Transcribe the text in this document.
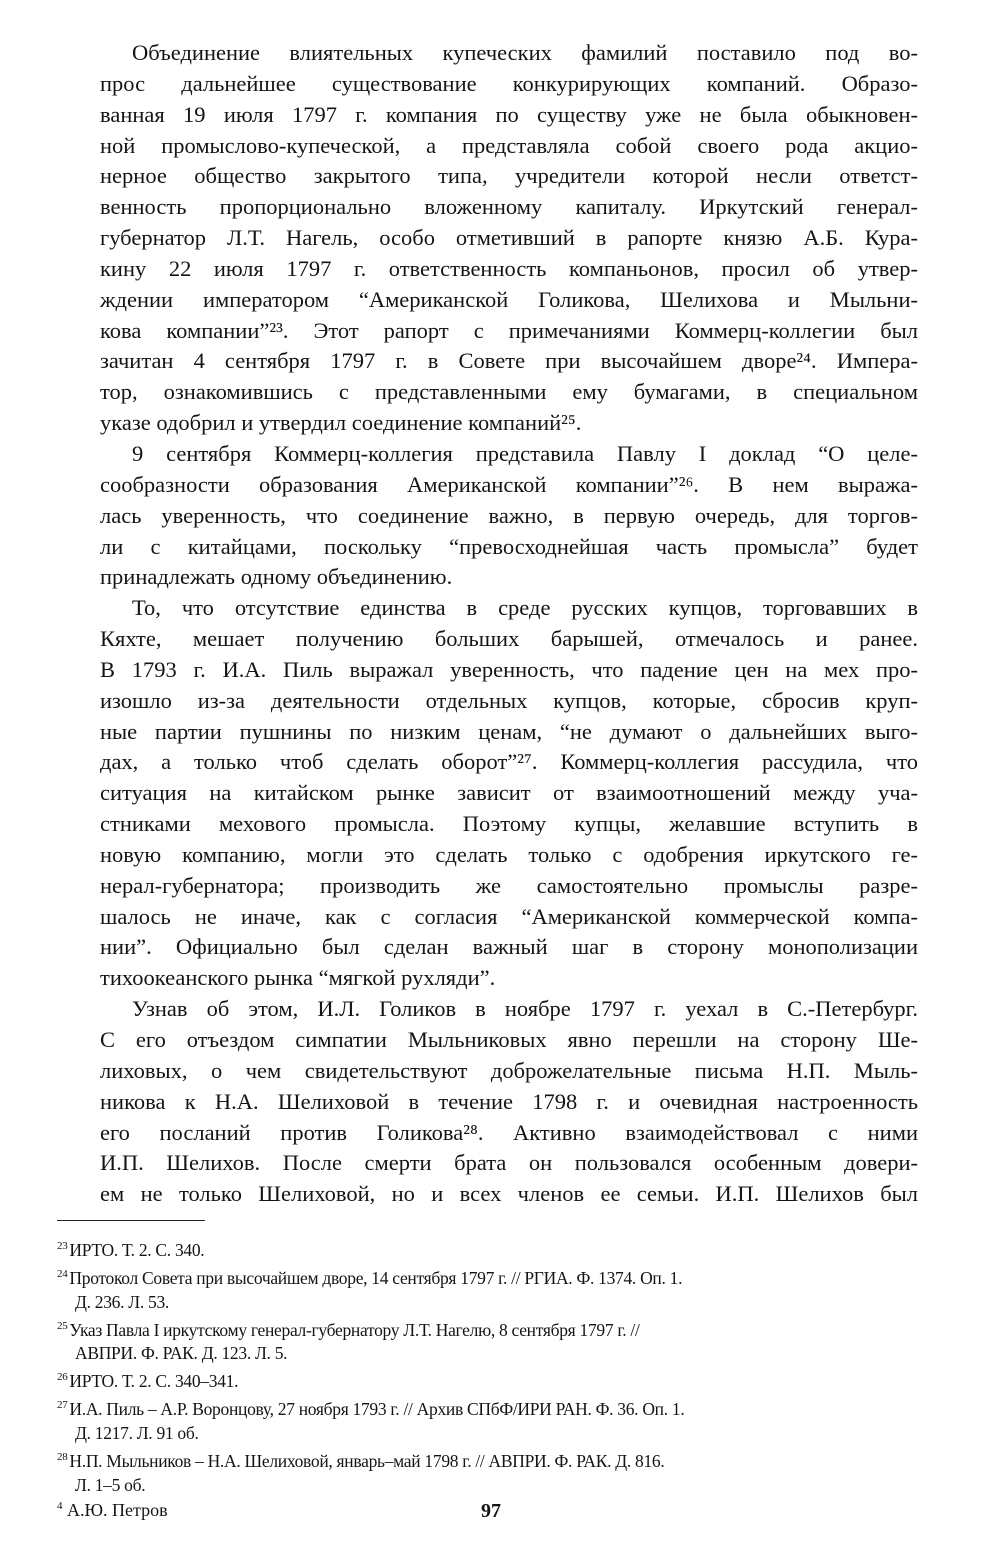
Объединение влиятельных купеческих фамилий поставило под во-
прос дальнейшее существование конкурирующих компаний. Образо-
ванная 19 июля 1797 г. компания по существу уже не была обыкновен-
ной промыслово-купеческой, а представляла собой своего рода акцио-
нерное общество закрытого типа, учредители которой несли ответст-
венность пропорционально вложенному капиталу. Иркутский генерал-
губернатор Л.Т. Нагель, особо отметивший в рапорте князю А.Б. Кура-
кину 22 июля 1797 г. ответственность компаньонов, просил об утвер-
ждении императором “Американской Голикова, Шелихова и Мыльни-
кова компании”²³. Этот рапорт с примечаниями Коммерц-коллегии был
зачитан 4 сентября 1797 г. в Совете при высочайшем дворе²⁴. Импера-
тор, ознакомившись с представленными ему бумагами, в специальном
указе одобрил и утвердил соединение компаний²⁵.
9 сентября Коммерц-коллегия представила Павлу I доклад “О целе-
сообразности образования Американской компании”²⁶. В нем выража-
лась уверенность, что соединение важно, в первую очередь, для торгов-
ли с китайцами, поскольку “превосходнейшая часть промысла” будет
принадлежать одному объединению.
То, что отсутствие единства в среде русских купцов, торговавших в
Кяхте, мешает получению больших барышей, отмечалось и ранее.
В 1793 г. И.А. Пиль выражал уверенность, что падение цен на мех про-
изошло из-за деятельности отдельных купцов, которые, сбросив круп-
ные партии пушнины по низким ценам, “не думают о дальнейших выго-
дах, а только чтоб сделать оборот”²⁷. Коммерц-коллегия рассудила, что
ситуация на китайском рынке зависит от взаимоотношений между уча-
стниками мехового промысла. Поэтому купцы, желавшие вступить в
новую компанию, могли это сделать только с одобрения иркутского ге-
нерал-губернатора; производить же самостоятельно промыслы разре-
шалось не иначе, как с согласия “Американской коммерческой компа-
нии”. Официально был сделан важный шаг в сторону монополизации
тихоокеанского рынка “мягкой рухляди”.
Узнав об этом, И.Л. Голиков в ноябре 1797 г. уехал в С.-Петербург.
С его отъездом симпатии Мыльниковых явно перешли на сторону Ше-
лиховых, о чем свидетельствуют доброжелательные письма Н.П. Мыль-
никова к Н.А. Шелиховой в течение 1798 г. и очевидная настроенность
его посланий против Голикова²⁸. Активно взаимодействовал с ними
И.П. Шелихов. После смерти брата он пользовался особенным довери-
ем не только Шелиховой, но и всех членов ее семьи. И.П. Шелихов был
$^{23}$ ИРТО. Т. 2. С. 340.
$^{24}$ Протокол Совета при высочайшем дворе, 14 сентября 1797 г. // РГИА. Ф. 1374. Оп. 1.
Д. 236. Л. 53.
$^{25}$ Указ Павла I иркутскому генерал-губернатору Л.Т. Нагелю, 8 сентября 1797 г. //
АВПРИ. Ф. РАК. Д. 123. Л. 5.
$^{26}$ ИРТО. Т. 2. С. 340–341.
$^{27}$ И.А. Пиль – А.Р. Воронцову, 27 ноября 1793 г. // Архив СПбФ/ИРИ РАН. Ф. 36. Оп. 1.
Д. 1217. Л. 91 об.
$^{28}$ Н.П. Мыльников – Н.А. Шелиховой, январь–май 1798 г. // АВПРИ. Ф. РАК. Д. 816.
Л. 1–5 об.
$^4$ А.Ю. Петров	97
